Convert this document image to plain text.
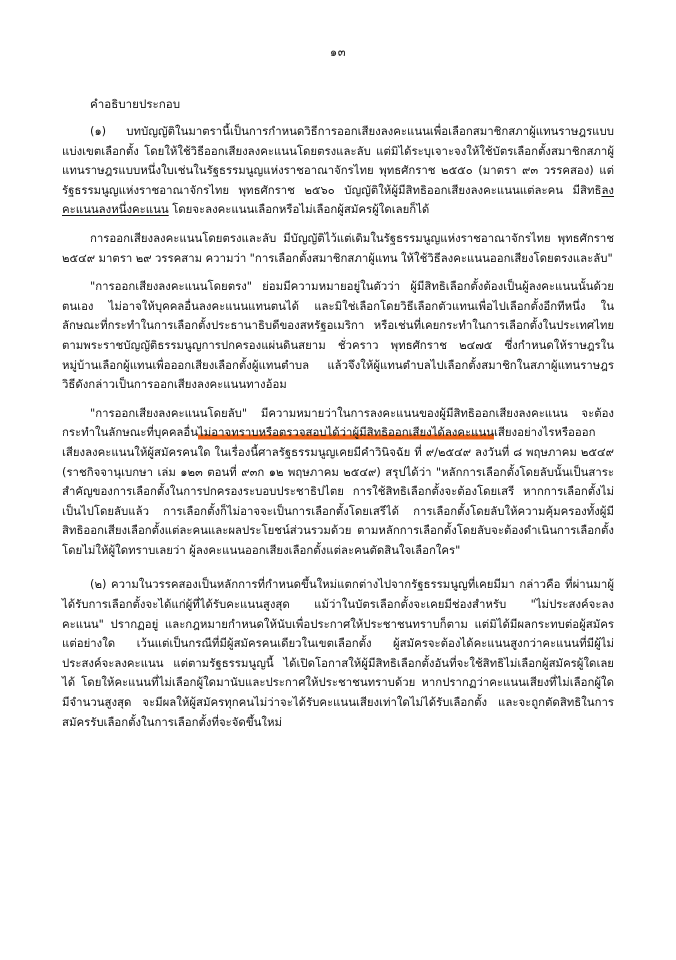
๑๓
คำอธิบายประกอบ

(๑) บทบัญญัติในมาตรานี้เป็นการกำหนดวิธีการออกเสียงลงคะแนนเพื่อเลือกสมาชิกสภาผู้แทนราษฎรแบบแบ่งเขตเลือกตั้ง โดยให้ใช้วิธีออกเสียงลงคะแนนโดยตรงและลับ แต่มิได้ระบุเจาะจงให้ใช้บัตรเลือกตั้งสมาชิกสภาผู้แทนราษฎรแบบหนึ่งใบเช่นในรัฐธรรมนูญแห่งราชอาณาจักรไทย พุทธศักราช ๒๕๕๐ (มาตรา ๙๓ วรรคสอง) แต่รัฐธรรมนูญแห่งราชอาณาจักรไทย พุทธศักราช ๒๕๖๐ บัญญัติให้ผู้มีสิทธิออกเสียงลงคะแนนแต่ละคน มีสิทธิลงคะแนนลงหนึ่งคะแนน โดยจะลงคะแนนเลือกหรือไม่เลือกผู้สมัครผู้ใดเลยก็ได้

การออกเสียงลงคะแนนโดยตรงและลับ มีบัญญัติไว้แต่เดิมในรัฐธรรมนูญแห่งราชอาณาจักรไทย พุทธศักราช ๒๕๔๙ มาตรา ๒๙ วรรคสาม ความว่า "การเลือกตั้งสมาชิกสภาผู้แทน ให้ใช้วิธีลงคะแนนออกเสียงโดยตรงและลับ"

"การออกเสียงลงคะแนนโดยตรง" ย่อมมีความหมายอยู่ในตัวว่า ผู้มีสิทธิเลือกตั้งต้องเป็นผู้ลงคะแนนนั้นด้วยตนเอง ไม่อาจให้บุคคลอื่นลงคะแนนแทนตนได้ และมิใช่เลือกโดยวิธีเลือกตัวแทนเพื่อไปเลือกตั้งอีกทีหนึ่ง ในลักษณะที่กระทำในการเลือกตั้งประธานาธิบดีของสหรัฐอเมริกา หรือเช่นที่เคยกระทำในการเลือกตั้งในประเทศไทยตามพระราชบัญญัติธรรมนูญการปกครองแผ่นดินสยาม ชั่วคราว พุทธศักราช ๒๔๗๕ ซึ่งกำหนดให้ราษฎรในหมู่บ้านเลือกผู้แทนเพื่อออกเสียงเลือกตั้งผู้แทนตำบล แล้วจึงให้ผู้แทนตำบลไปเลือกตั้งสมาชิกในสภาผู้แทนราษฎร วิธีดังกล่าวเป็นการออกเสียงลงคะแนนทางอ้อม

"การออกเสียงลงคะแนนโดยลับ" มีความหมายว่าในการลงคะแนนของผู้มีสิทธิออกเสียงลงคะแนน จะต้องกระทำในลักษณะที่บุคคลอื่นไม่อาจทราบหรือตรวจสอบได้ว่าผู้มีสิทธิออกเสียงได้ลงคะแนนเสียงอย่างไรหรือออกเสียงลงคะแนนให้ผู้สมัครคนใด ในเรื่องนี้ศาลรัฐธรรมนูญเคยมีคำวินิจฉัย ที่ ๙/๒๕๔๙ ลงวันที่ ๘ พฤษภาคม ๒๕๔๙ (ราชกิจจานุเบกษา เล่ม ๑๒๓ ตอนที่ ๙๓ก ๑๒ พฤษภาคม ๒๕๔๙) สรุปได้ว่า "หลักการเลือกตั้งโดยลับนั้นเป็นสาระสำคัญของการเลือกตั้งในการปกครองระบอบประชาธิปไตย การใช้สิทธิเลือกตั้งจะต้องโดยเสรี หากการเลือกตั้งไม่เป็นไปโดยลับแล้ว การเลือกตั้งก็ไม่อาจจะเป็นการเลือกตั้งโดยเสรีได้ การเลือกตั้งโดยลับให้ความคุ้มครองทั้งผู้มีสิทธิออกเสียงเลือกตั้งแต่ละคนและผลประโยชน์ส่วนรวมด้วย ตามหลักการเลือกตั้งโดยลับจะต้องดำเนินการเลือกตั้งโดยไม่ให้ผู้ใดทราบเลยว่า ผู้ลงคะแนนออกเสียงเลือกตั้งแต่ละคนตัดสินใจเลือกใคร"

(๒) ความในวรรคสองเป็นหลักการที่กำหนดขึ้นใหม่แตกต่างไปจากรัฐธรรมนูญที่เคยมีมา กล่าวคือ ที่ผ่านมาผู้ได้รับการเลือกตั้งจะได้แก่ผู้ที่ได้รับคะแนนสูงสุด แม้ว่าในบัตรเลือกตั้งจะเคยมีช่องสำหรับ "ไม่ประสงค์จะลงคะแนน" ปรากฏอยู่ และกฎหมายกำหนดให้นับเพื่อประกาศให้ประชาชนทราบก็ตาม แต่มิได้มีผลกระทบต่อผู้สมัครแต่อย่างใด เว้นแต่เป็นกรณีที่มีผู้สมัครคนเดียวในเขตเลือกตั้ง ผู้สมัครจะต้องได้คะแนนสูงกว่าคะแนนที่มีผู้ไม่ประสงค์จะลงคะแนน แต่ตามรัฐธรรมนูญนี้ ได้เปิดโอกาสให้ผู้มีสิทธิเลือกตั้งอันที่จะใช้สิทธิไม่เลือกผู้สมัครผู้ใดเลยได้ โดยให้คะแนนที่ไม่เลือกผู้ใดมานับและประกาศให้ประชาชนทราบด้วย หากปรากฏว่าคะแนนเสียงที่ไม่เลือกผู้ใดมีจำนวนสูงสุด จะมีผลให้ผู้สมัครทุกคนไม่ว่าจะได้รับคะแนนเสียงเท่าใดไม่ได้รับเลือกตั้ง และจะถูกตัดสิทธิในการสมัครรับเลือกตั้งในการเลือกตั้งที่จะจัดขึ้นใหม่
